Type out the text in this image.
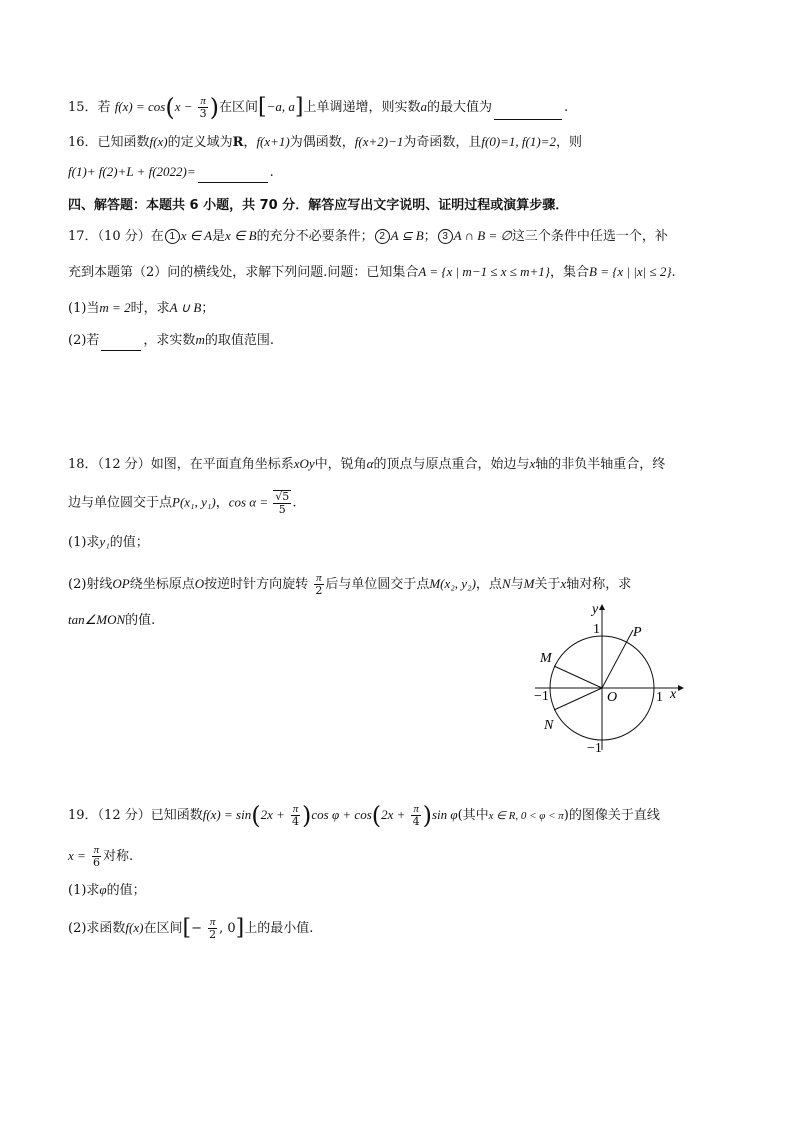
15．若 $f(x) = \cos(x - \frac{\pi}{3}$ )在区间[−a, a]上单调递增，则实数a的最大值为	.
16．已知函数f(x)的定义域为R，f(x+1)为偶函数，f(x+2)−1为奇函数，且f(0)=1, f(1)=2，则
f(1)+ f(2)+L + f(2022)=	.
四、解答题：本题共 6 小题，共 70 分．解答应写出文字说明、证明过程或演算步骤．
17．（10 分）在 1 x ∈ A是x ∈ B的充分不必要条件； 2 A ⊆ B； 3 A ∩ B = ∅这三个条件中任选一个，补
充到本题第（2）问的横线处，求解下列问题.问题：已知集合A = {x | m−1 ≤ x ≤ m+1}，集合B = {x | |x| ≤ 2}.
(1)当m = 2时，求A ∪ B；
(2)若	，求实数m的取值范围.
18．（12 分）如图，在平面直角坐标系xOy中，锐角α的顶点与原点重合，始边与x轴的非负半轴重合，终
边与单位圆交于点P(x₁, y₁)，$\cos \alpha = \frac{√5}{5}$ .
(1)求y₁的值；
(2)射线OP绕坐标原点O按逆时针方向旋转 $\frac{\pi}{2}$ 后与单位圆交于点M(x₂, y₂)，点N与M关于x轴对称，求
tan∠MON的值.
y
1 P
M
−1	O	1 x
N
−1
19．（12 分）已知函数$f(x) = \sin(2x + \frac{\pi}{4} )\cos$ $\varphi + \cos(2x + \frac{\pi}{4} )\sin$ φ(其中x ∈ R, 0 < φ < π)的图像关于直线
$x = \frac{\pi}{6}$ 对称.
(1)求φ的值；
(2)求函数f(x)在区间[− $\frac{\pi}{2}$ , 0]上的最小值.
